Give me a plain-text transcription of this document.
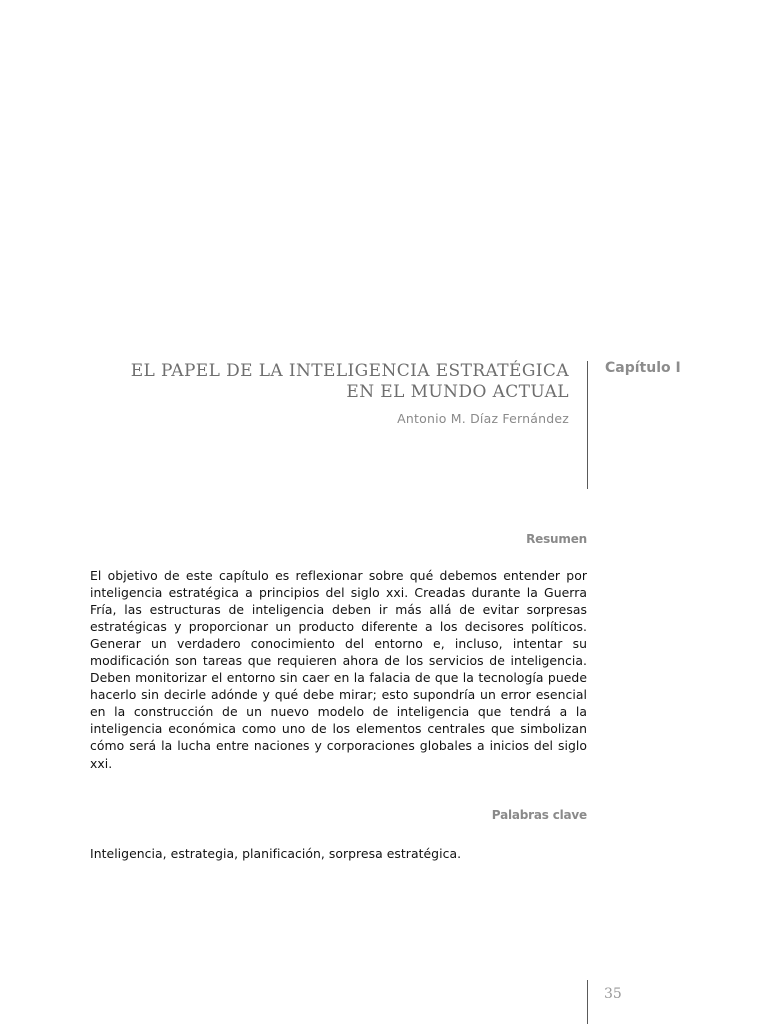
EL PAPEL DE LA INTELIGENCIA ESTRATÉGICA
EN EL MUNDO ACTUAL
Antonio M. Díaz Fernández
Capítulo I
Resumen
El objetivo de este capítulo es reflexionar sobre qué debemos entender por inteligencia estratégica a principios del siglo xxi. Creadas durante la Guerra Fría, las estructuras de inteligencia deben ir más allá de evitar sorpresas estratégicas y proporcionar un producto diferente a los decisores políticos. Generar un verdadero conocimiento del entorno e, incluso, intentar su modificación son tareas que requieren ahora de los servicios de inteligencia. Deben monitorizar el entorno sin caer en la falacia de que la tecnología puede hacerlo sin decirle adónde y qué debe mirar; esto supondría un error esencial en la construcción de un nuevo modelo de inteligencia que tendrá a la inteligencia económica como uno de los elementos centrales que simbolizan cómo será la lucha entre naciones y corporaciones globales a inicios del siglo xxi.
Palabras clave
Inteligencia, estrategia, planificación, sorpresa estratégica.
35
